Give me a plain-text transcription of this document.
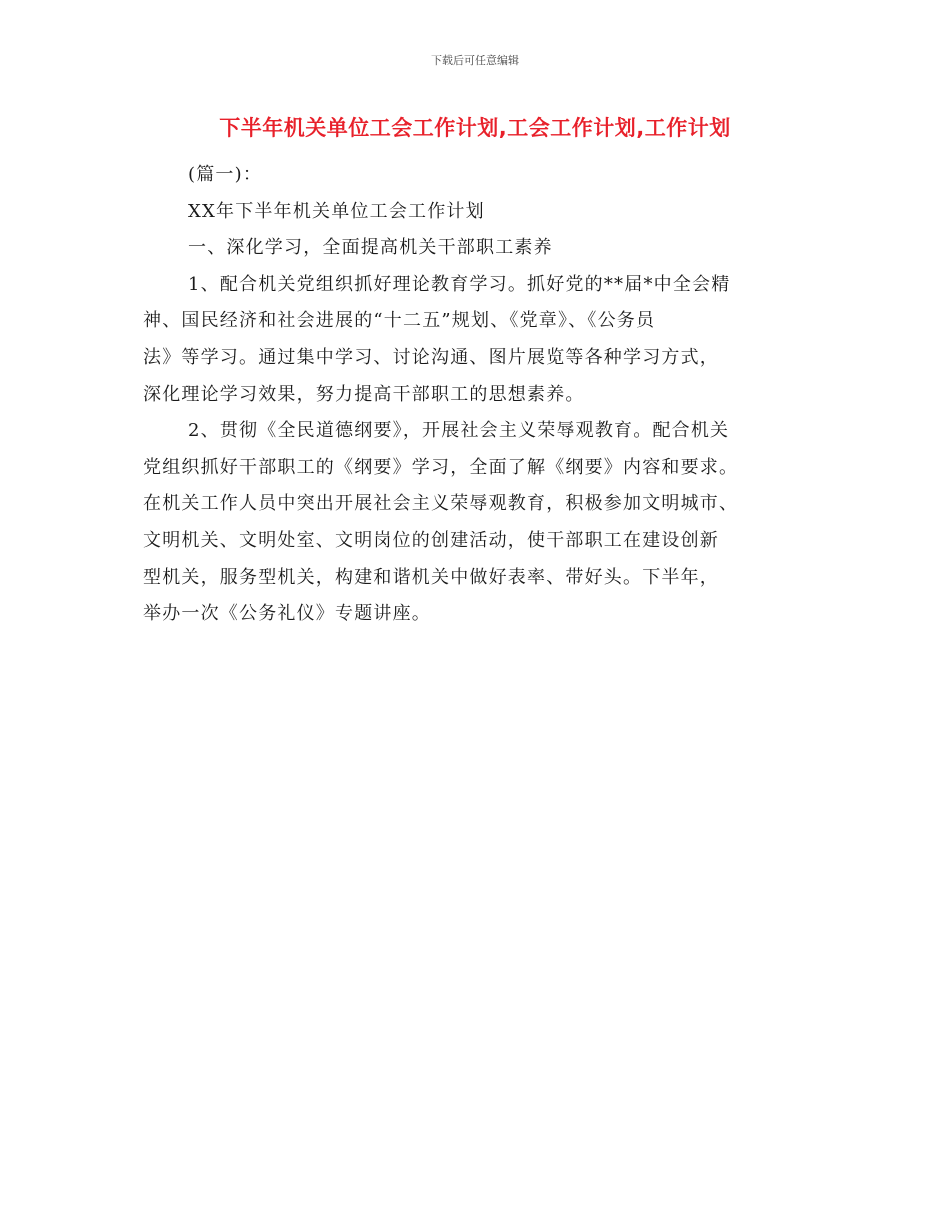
下载后可任意编辑
下半年机关单位工会工作计划,工会工作计划,工作计划
(篇一)：
XX年下半年机关单位工会工作计划
一、深化学习，全面提高机关干部职工素养
1、配合机关党组织抓好理论教育学习。抓好党的**届*中全会精
神、国民经济和社会进展的“十二五”规划、《党章》、《公务员
法》等学习。通过集中学习、讨论沟通、图片展览等各种学习方式，
深化理论学习效果，努力提高干部职工的思想素养。
2、贯彻《全民道德纲要》，开展社会主义荣辱观教育。配合机关
党组织抓好干部职工的《纲要》学习，全面了解《纲要》内容和要求。
在机关工作人员中突出开展社会主义荣辱观教育，积极参加文明城市、
文明机关、文明处室、文明岗位的创建活动，使干部职工在建设创新
型机关，服务型机关，构建和谐机关中做好表率、带好头。下半年，
举办一次《公务礼仪》专题讲座。
